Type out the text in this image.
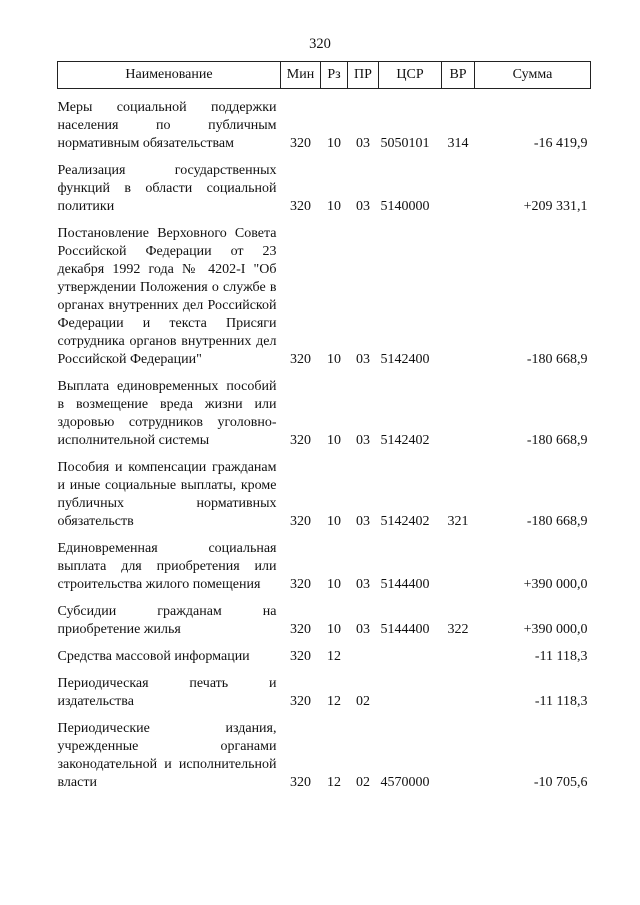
320
Наименование	Мин	Рз	ПР	ЦСР	ВР	Сумма
Меры социальной поддержки населения по публичным нормативным обязательствам	320	10	03	5050101	314	-16 419,9
Реализация государственных функций в области социальной политики	320	10	03	5140000		+209 331,1
Постановление Верховного Совета Российской Федерации от 23 декабря 1992 года № 4202-I "Об утверждении Положения о службе в органах внутренних дел Российской Федерации и текста Присяги сотрудника органов внутренних дел Российской Федерации"	320	10	03	5142400		-180 668,9
Выплата единовременных пособий в возмещение вреда жизни или здоровью сотрудников уголовно-исполнительной системы	320	10	03	5142402		-180 668,9
Пособия и компенсации гражданам и иные социальные выплаты, кроме публичных нормативных обязательств	320	10	03	5142402	321	-180 668,9
Единовременная социальная выплата для приобретения или строительства жилого помещения	320	10	03	5144400		+390 000,0
Субсидии гражданам на приобретение жилья	320	10	03	5144400	322	+390 000,0
Средства массовой информации	320	12				-11 118,3
Периодическая печать и издательства	320	12	02			-11 118,3
Периодические издания, учрежденные органами законодательной и исполнительной власти	320	12	02	4570000		-10 705,6
